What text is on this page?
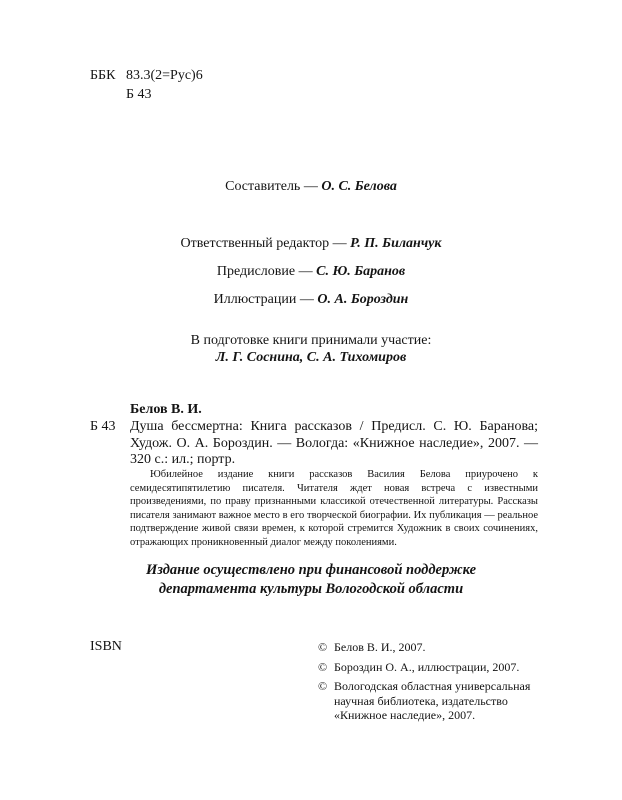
ББК 83.3(2=Рус)6
Б 43
Составитель — О. С. Белова
Ответственный редактор — Р. П. Биланчук
Предисловие — С. Ю. Баранов
Иллюстрации — О. А. Бороздин
В подготовке книги принимали участие:
Л. Г. Соснина, С. А. Тихомиров
Белов В. И.
Б 43 Душа бессмертна: Книга рассказов / Предисл. С. Ю. Баранова; Худож. О. А. Бороздин. — Вологда: «Книжное наследие», 2007. — 320 с.: ил.; портр.
Юбилейное издание книги рассказов Василия Белова приурочено к семидесятипятилетию писателя. Читателя ждет новая встреча с известными произведениями, по праву признанными классикой отечественной литературы. Рассказы писателя занимают важное место в его творческой биографии. Их публикация — реальное подтверждение живой связи времен, к которой стремится Художник в своих сочинениях, отражающих проникновенный диалог между поколениями.
Издание осуществлено при финансовой поддержке
департамента культуры Вологодской области
ISBN	© Белов В. И., 2007.
© Бороздин О. А., иллюстрации, 2007.
© Вологодская областная универсальная научная библиотека, издательство «Книжное наследие», 2007.
